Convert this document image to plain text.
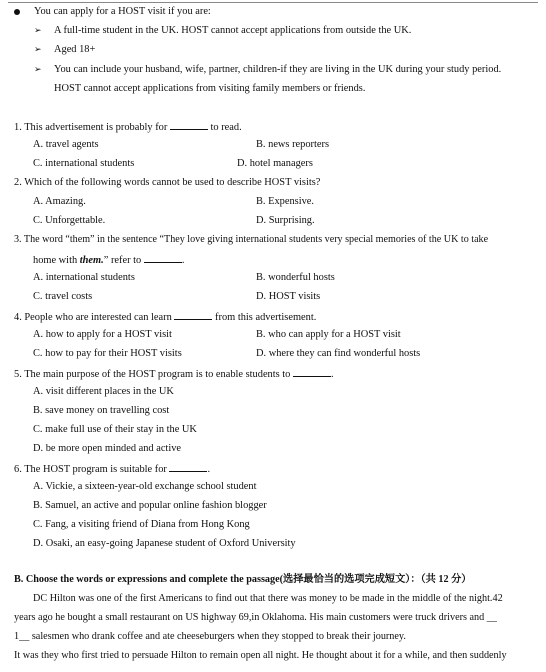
You can apply for a HOST visit if you are:
➢ A full-time student in the UK. HOST cannot accept applications from outside the UK.
➢ Aged 18+
➢ You can include your husband, wife, partner, children-if they are living in the UK during your study period.
HOST cannot accept applications from visiting family members or friends.
1. This advertisement is probably for	to read.
A. travel agents	B. news reporters
C. international students	D. hotel managers
2. Which of the following words cannot be used to describe HOST visits?
A. Amazing.	B. Expensive.
C. Unforgettable.	D. Surprising.
3. The word “them” in the sentence “They love giving international students very special memories of the UK to take
home with them.” refer to	.
A. international students	B. wonderful hosts
C. travel costs	D. HOST visits
4. People who are interested can learn	from this advertisement.
A. how to apply for a HOST visit	B. who can apply for a HOST visit
C. how to pay for their HOST visits	D. where they can find wonderful hosts
5. The main purpose of the HOST program is to enable students to	.
A. visit different places in the UK
B. save money on travelling cost
C. make full use of their stay in the UK
D. be more open minded and active
6. The HOST program is suitable for	.
A. Vickie, a sixteen-year-old exchange school student
B. Samuel, an active and popular online fashion blogger
C. Fang, a visiting friend of Diana from Hong Kong
D. Osaki, an easy-going Japanese student of Oxford University
B. Choose the words or expressions and complete the passage(选择最恰当的选项完成短文）：（共 12 分）
DC Hilton was one of the first Americans to find out that there was money to be made in the middle of the night.42
years ago he bought a small restaurant on US highway 69,in Oklahoma. His main customers were truck drivers and __
1__ salesmen who drank coffee and ate cheeseburgers when they stopped to break their journey.
It was they who first tried to persuade Hilton to remain open all night. He thought about it for a while, and then suddenly
